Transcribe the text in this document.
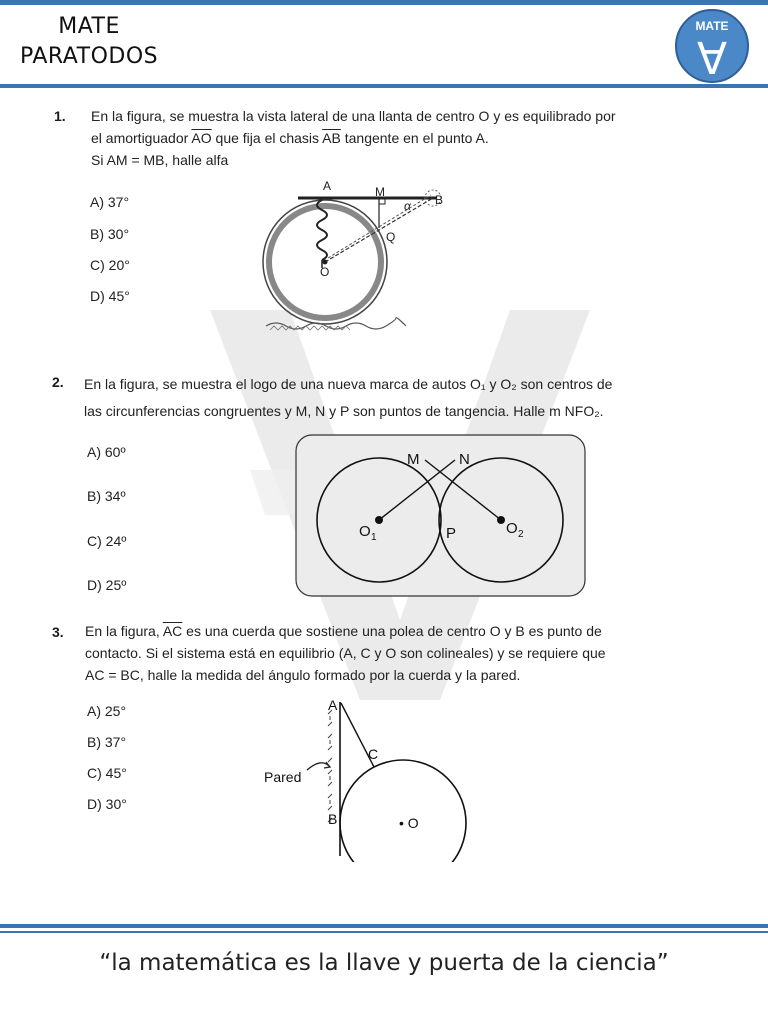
MATE
PARATODOS
MATE
∀
1. En la figura, se muestra la vista lateral de una llanta de centro O y es equilibrado por
el amortiguador $\overline{AO}$ que fija el chasis $\overline{AB}$ tangente en el punto A.
Si AM = MB, halle alfa
A) 37°
B) 30°
C) 20°
D) 45°
A	M
B
Q
O
α
2. En la figura, se muestra el logo de una nueva marca de autos O₁ y O₂ son centros de
las circunferencias congruentes y M, N y P son puntos de tangencia. Halle m NFO₂.
A) 60º
B) 34º
C) 24º
D) 25º
M	N
O 1	P	O 2
3. En la figura, $\overline{AC}$ es una cuerda que sostiene una polea de centro O y B es punto de
contacto. Si el sistema está en equilibrio (A, C y O son colineales) y se requiere que
AC = BC, halle la medida del ángulo formado por la cuerda y la pared.
A) 25°
B) 37°
C) 45°
D) 30°
A
C
B	• O
Pared
“la matemática es la llave y puerta de la ciencia”
